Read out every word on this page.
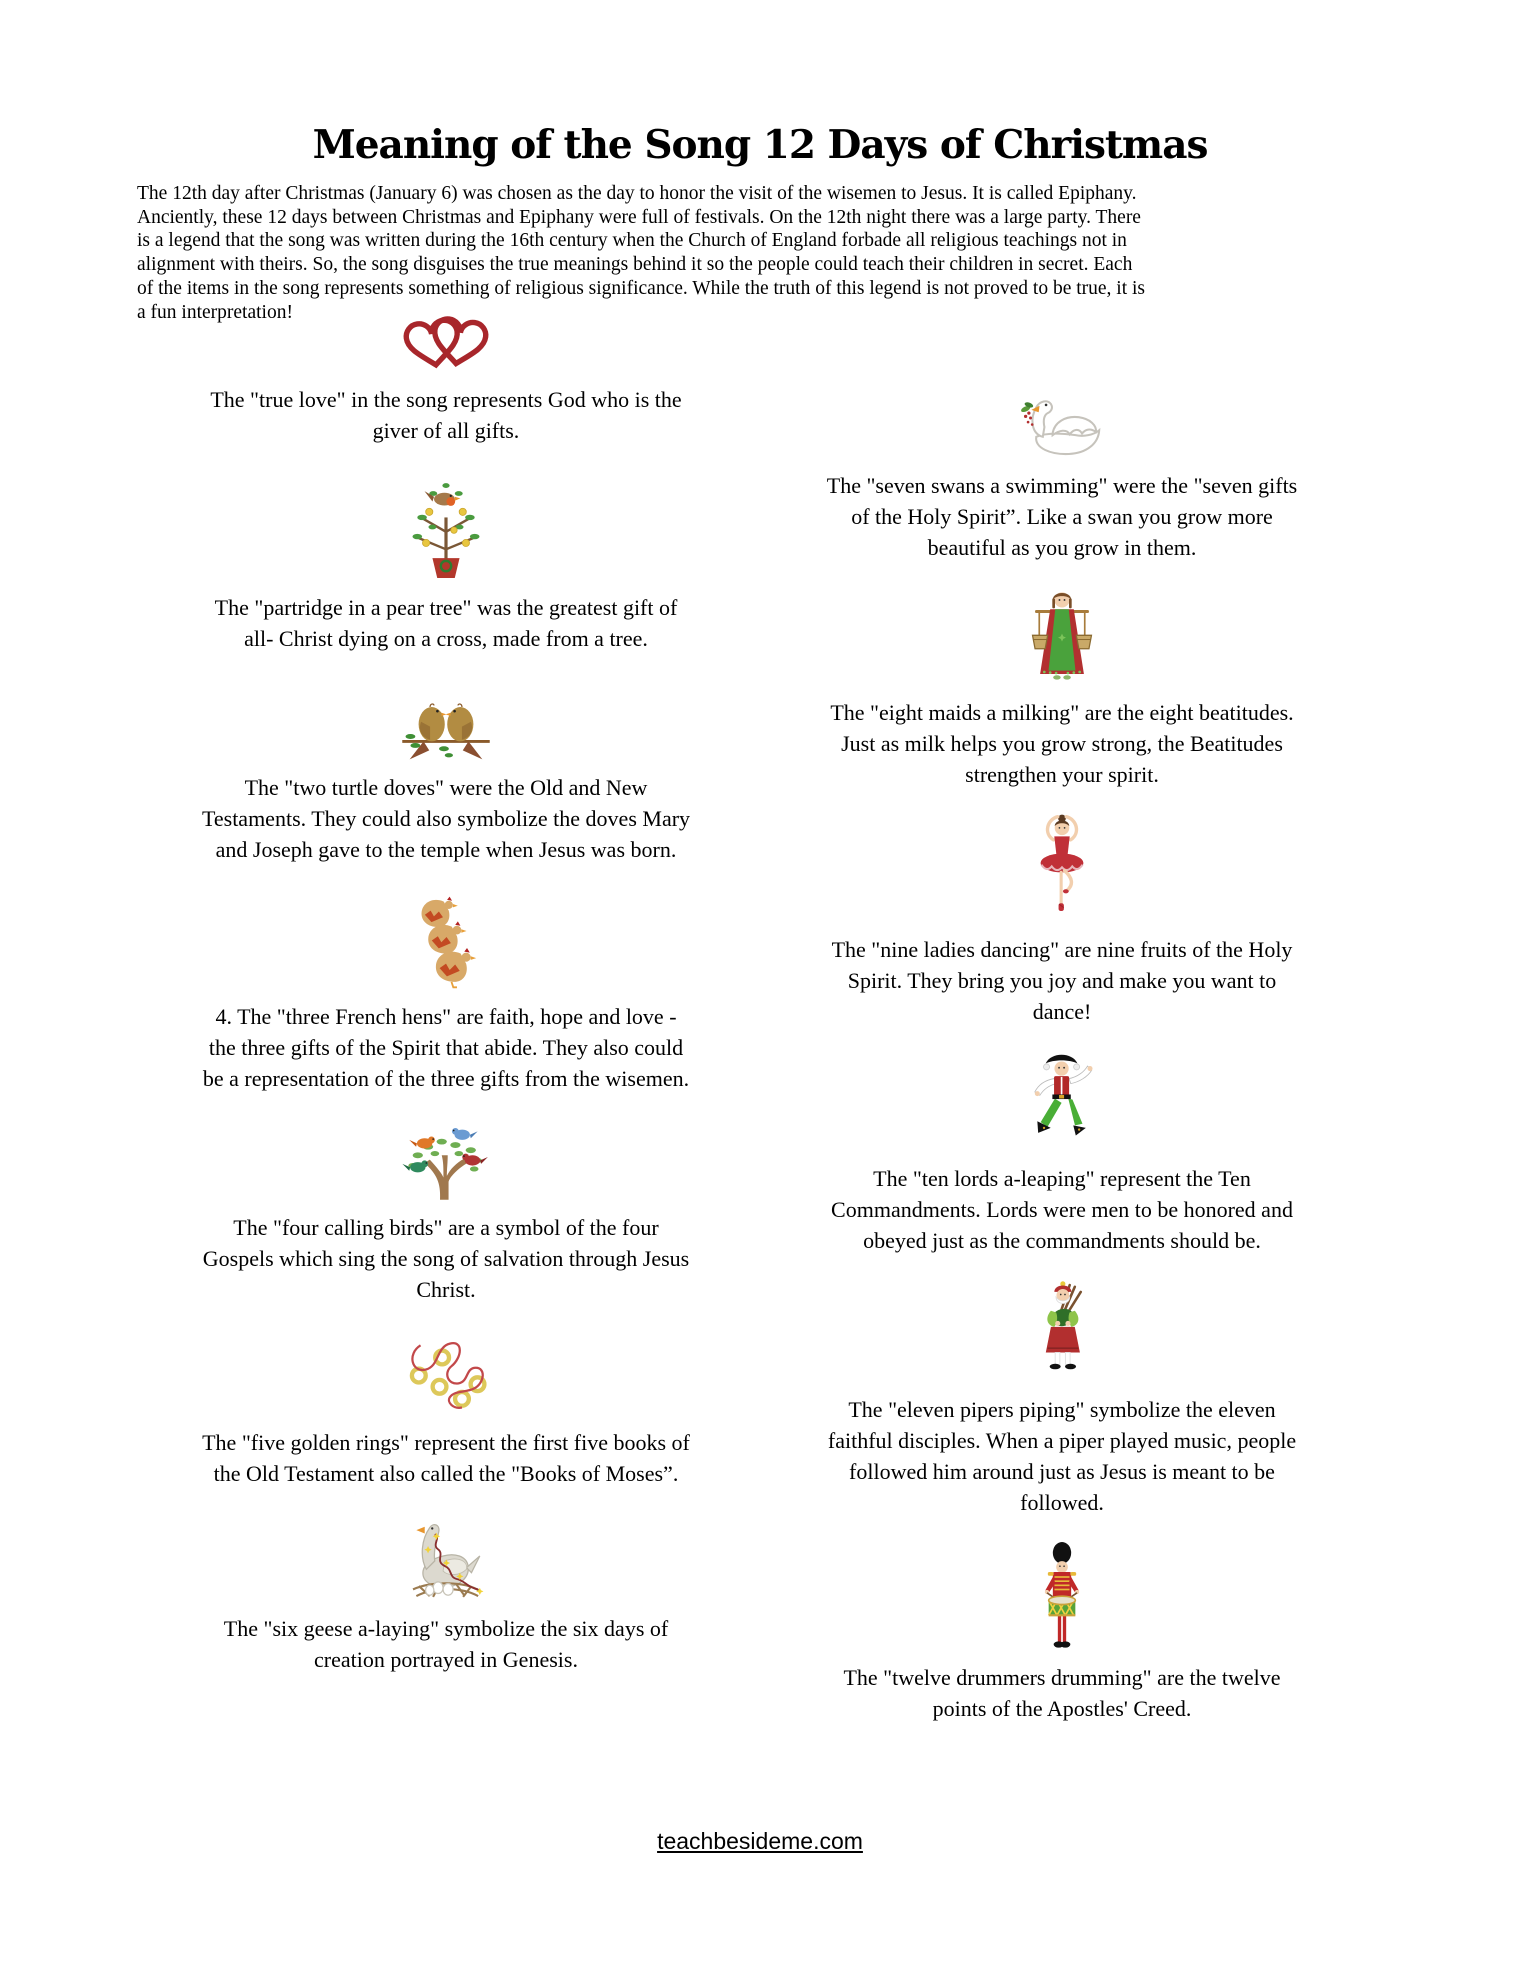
Meaning of the Song 12 Days of Christmas
The 12th day after Christmas (January 6) was chosen as the day to honor the visit of the wisemen to Jesus. It is called Epiphany.
Anciently, these 12 days between Christmas and Epiphany were full of festivals. On the 12th night there was a large party. There
is a legend that the song was written during the 16th century when the Church of England forbade all religious teachings not in
alignment with theirs. So, the song disguises the true meanings behind it so the people could teach their children in secret. Each
of the items in the song represents something of religious significance. While the truth of this legend is not proved to be true, it is
a fun interpretation!
The "true love" in the song represents God who is the
giver of all gifts.
The "partridge in a pear tree" was the greatest gift of
all- Christ dying on a cross, made from a tree.
The "two turtle doves" were the Old and New
Testaments. They could also symbolize the doves Mary
and Joseph gave to the temple when Jesus was born.
4. The "three French hens" are faith, hope and love -
the three gifts of the Spirit that abide. They also could
be a representation of the three gifts from the wisemen.
The "four calling birds" are a symbol of the four
Gospels which sing the song of salvation through Jesus
Christ.
The "five golden rings" represent the first five books of
the Old Testament also called the "Books of Moses”.
The "six geese a-laying" symbolize the six days of
creation portrayed in Genesis.
The "seven swans a swimming" were the "seven gifts
of the Holy Spirit”. Like a swan you grow more
beautiful as you grow in them.
The "eight maids a milking" are the eight beatitudes.
Just as milk helps you grow strong, the Beatitudes
strengthen your spirit.
The "nine ladies dancing" are nine fruits of the Holy
Spirit. They bring you joy and make you want to
dance!
The "ten lords a-leaping" represent the Ten
Commandments. Lords were men to be honored and
obeyed just as the commandments should be.
The "eleven pipers piping" symbolize the eleven
faithful disciples. When a piper played music, people
followed him around just as Jesus is meant to be
followed.
The "twelve drummers drumming" are the twelve
points of the Apostles' Creed.
teachbesideme.com
